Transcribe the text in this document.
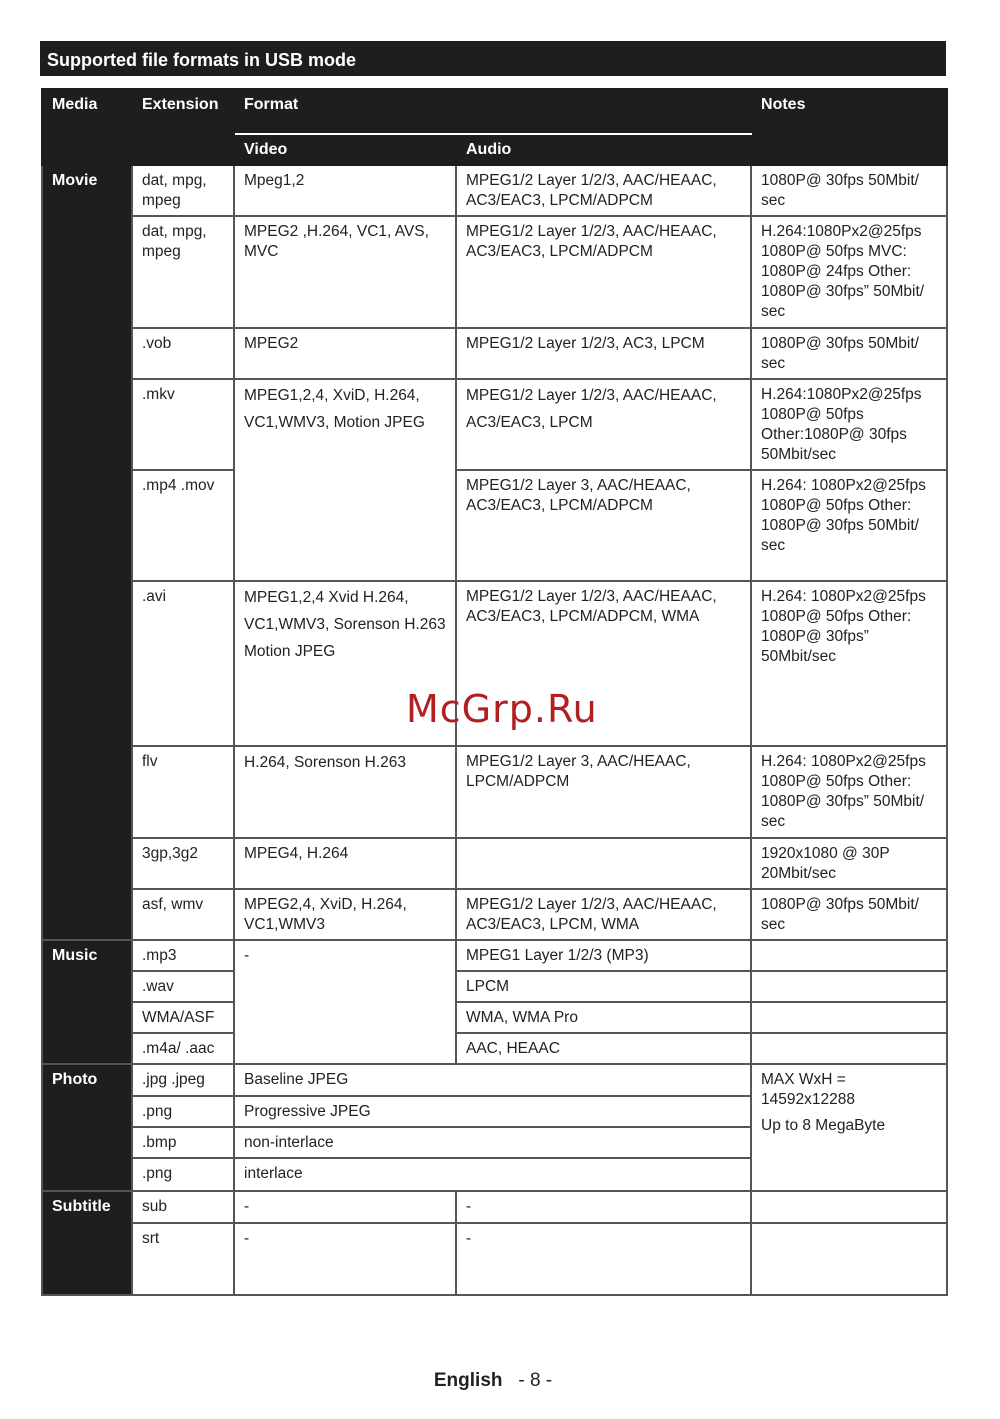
Supported file formats in USB mode
Media	Extension	Format		Notes
		Video	Audio	
Movie	dat, mpg, mpeg	Mpeg1,2	MPEG1/2 Layer 1/2/3, AAC/HEAAC, AC3/EAC3, LPCM/ADPCM	1080P@ 30fps 50Mbit/ sec
	dat, mpg, mpeg	MPEG2 ,H.264, VC1, AVS, MVC	MPEG1/2 Layer 1/2/3, AAC/HEAAC, AC3/EAC3, LPCM/ADPCM	H.264:1080Px2@25fps 1080P@ 50fps MVC: 1080P@ 24fps Other: 1080P@ 30fps” 50Mbit/ sec
	.vob	MPEG2	MPEG1/2 Layer 1/2/3, AC3, LPCM	1080P@ 30fps 50Mbit/ sec
	.mkv	MPEG1,2,4, XviD, H.264, VC1,WMV3, Motion JPEG	MPEG1/2 Layer 1/2/3, AAC/HEAAC, AC3/EAC3, LPCM	H.264:1080Px2@25fps 1080P@ 50fps Other:1080P@ 30fps 50Mbit/sec
	.mp4 .mov		MPEG1/2 Layer 3, AAC/HEAAC, AC3/EAC3, LPCM/ADPCM	H.264: 1080Px2@25fps 1080P@ 50fps Other: 1080P@ 30fps 50Mbit/ sec
	.avi	MPEG1,2,4 Xvid H.264, VC1,WMV3, Sorenson H.263 Motion JPEG	MPEG1/2 Layer 1/2/3, AAC/HEAAC, AC3/EAC3, LPCM/ADPCM, WMA	H.264: 1080Px2@25fps 1080P@ 50fps Other: 1080P@ 30fps” 50Mbit/sec
	flv	H.264, Sorenson H.263	MPEG1/2 Layer 3, AAC/HEAAC, LPCM/ADPCM	H.264: 1080Px2@25fps 1080P@ 50fps Other: 1080P@ 30fps” 50Mbit/ sec
	3gp,3g2	MPEG4, H.264		1920x1080 @ 30P 20Mbit/sec
	asf, wmv	MPEG2,4, XviD, H.264, VC1,WMV3	MPEG1/2 Layer 1/2/3, AAC/HEAAC, AC3/EAC3, LPCM, WMA	1080P@ 30fps 50Mbit/ sec
Music	.mp3	-	MPEG1 Layer 1/2/3 (MP3)	
	.wav		LPCM	
	WMA/ASF		WMA, WMA Pro	
	.m4a/ .aac		AAC, HEAAC	
Photo	.jpg .jpeg	Baseline JPEG		MAX WxH = 14592x12288
Up to 8 MegaByte

	.png	Progressive JPEG		
	.bmp	non-interlace		
	.png	interlace		
Subtitle	sub	-	-	
	srt	-	-	
McGrp.Ru
English - 8 -
